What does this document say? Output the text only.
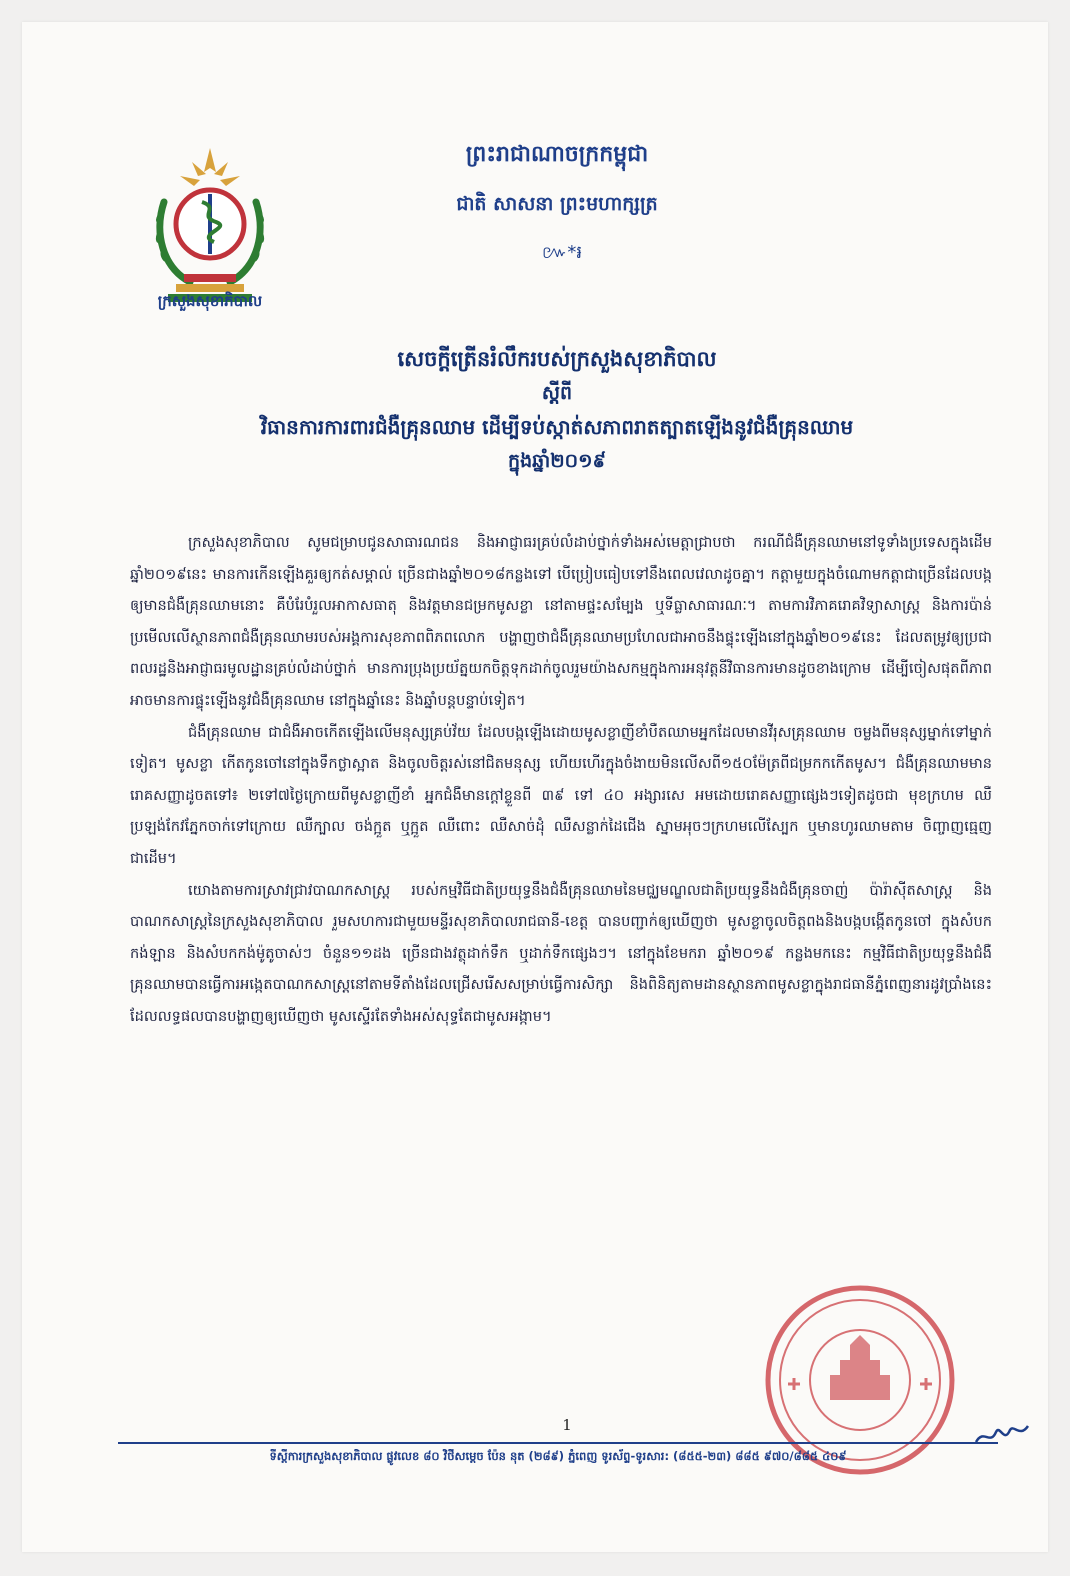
ក្រសួងសុខាភិបាល
ព្រះរាជាណាចក្រកម្ពុជា
ជាតិ សាសនា ព្រះមហាក្សត្រ
៚*៛
សេចក្តីត្រើនរំលឹករបស់ក្រសួងសុខាភិបាល
ស្តីពី
វិធានការការពារជំងឺគ្រុនឈាម ដើម្បីទប់ស្កាត់សភាពរាតត្បាតឡើងនូវជំងឺគ្រុនឈាម
ក្នុងឆ្នាំ២០១៩

ក្រសួងសុខាភិបាល សូមជម្រាបជូនសាធារណជន និងអាជ្ញាធរគ្រប់លំដាប់ថ្នាក់ទាំងអស់មេត្តាជ្រាបថា ករណីជំងឺគ្រុនឈាមនៅទូទាំងប្រទេសក្នុងដើមឆ្នាំ២០១៩នេះ មានការកើនឡើងគួរឲ្យកត់សម្គាល់ ច្រើនជាងឆ្នាំ២០១៨កន្លងទៅ បើប្រៀបធៀបទៅនឹងពេលវេលាដូចគ្នា។ កត្តាមួយក្នុងចំណោមកត្តាជាច្រើនដែលបង្កឲ្យមានជំងឺគ្រុនឈាមនោះ គឺបំរែបំរួលអាកាសធាតុ និងវត្តមានជម្រកមូសខ្លា នៅតាមផ្ទះសម្បែង ឬទីធ្លាសាធារណៈ។ តាមការវិភាគរោគវិទ្យាសាស្ត្រ និងការប៉ាន់ប្រមើលលើស្ថានភាពជំងឺគ្រុនឈាមរបស់អង្គការសុខភាពពិភពលោក បង្ហាញថាជំងឺគ្រុនឈាមប្រហែលជាអាចនឹងផ្ទុះឡើងនៅក្នុងឆ្នាំ២០១៩នេះ ដែលតម្រូវឲ្យប្រជាពលរដ្ឋនិងអាជ្ញាធរមូលដ្ឋានគ្រប់លំដាប់ថ្នាក់ មានការប្រុងប្រយ័ត្នយកចិត្តទុកដាក់ចូលរួមយ៉ាងសកម្មក្នុងការអនុវត្តនីវិធានការមានដូចខាងក្រោម ដើម្បីចៀសផុតពីភាពអាចមានការផ្ទុះឡើងនូវជំងឺគ្រុនឈាម នៅក្នុងឆ្នាំនេះ និងឆ្នាំបន្តបន្ទាប់ទៀត។

ជំងឺគ្រុនឈាម ជាជំងឺអាចកើតឡើងលើមនុស្សគ្រប់វ័យ ដែលបង្កឡើងដោយមូសខ្លាញីខាំបឺតឈាមអ្នកដែលមានវីរុសគ្រុនឈាម ចម្លងពីមនុស្សម្នាក់ទៅម្នាក់ទៀត។ មូសខ្លា កើតកូនចៅនៅក្នុងទឹកថ្លាស្អាត និងចូលចិត្តរស់នៅជិតមនុស្ស ហើយហើរក្នុងចំងាយមិនលើសពី១៥០ម៉ែត្រពីជម្រកកកើតមូស។ ជំងឺគ្រុនឈាមមានរោគសញ្ញាដូចតទៅ៖ ២ទៅ៧ថ្ងៃក្រោយពីមូសខ្លាញីខាំ អ្នកជំងឺមានក្តៅខ្លួនពី ៣៩ ទៅ ៤០ អង្សារសេ អមដោយរោគសញ្ញាផ្សេងៗទៀតដូចជា មុខក្រហម ឈឺប្រឡង់កែវភ្នែកចាក់ទៅក្រោយ ឈឺក្បាល ចង់ក្អួត ឬក្អួត ឈឺពោះ ឈឺសាច់ដុំ ឈឺសន្លាក់ដៃជើង ស្នាមអុចៗក្រហមលើស្បែក ឬមានហូរឈាមតាម ចិញ្ចាញធ្មេញ ជាដើម។

យោងតាមការស្រាវជ្រាវបាណកសាស្ត្រ របស់កម្មវិធីជាតិប្រយុទ្ធនឹងជំងឺគ្រុនឈាមនៃមជ្ឈមណ្ឌលជាតិប្រយុទ្ធនឹងជំងឺគ្រុនចាញ់ ប៉ារ៉ាស៊ីតសាស្ត្រ និងបាណកសាស្ត្រនៃក្រសួងសុខាភិបាល រួមសហការជាមួយមន្ទីរសុខាភិបាលរាជធានី-ខេត្ត បានបញ្ជាក់ឲ្យឃើញថា មូសខ្លាចូលចិត្តពងនិងបង្កបង្កើតកូនចៅ ក្នុងសំបកកង់ឡាន និងសំបកកង់ម៉ូតូចាស់ៗ ចំនួន១១ដង ច្រើនជាងវត្ថុដាក់ទឹក ឬដាក់ទឹកផ្សេងៗ។ នៅក្នុងខែមករា ឆ្នាំ២០១៩ កន្លងមកនេះ កម្មវិធីជាតិប្រយុទ្ធនឹងជំងឺគ្រុនឈាមបានធ្វើការអង្កេតបាណកសាស្ត្រនៅតាមទីតាំងដែលជ្រើសរើសសម្រាប់ធ្វើការសិក្សា និងពិនិត្យតាមដានស្ថានភាពមូសខ្លាក្នុងរាជធានីភ្នំពេញនារដូវប្រាំងនេះ ដែលលទ្ធផលបានបង្ហាញឲ្យឃើញថា មូសស្ទើរតែទាំងអស់សុទ្ធតែជាមូសអង្កាម។

1
ទីស្តីការក្រសួងសុខាភិបាល ផ្លូវលេខ ៨០ វិថីសម្តេច ប៉ែន នុត (២៨៩) ភ្នំពេញ ទូរស័ព្ទ-ទូរសារ: (៨៥៥-២៣) ៨៨៥ ៩៧០/៨៨៥ ៤០៩
